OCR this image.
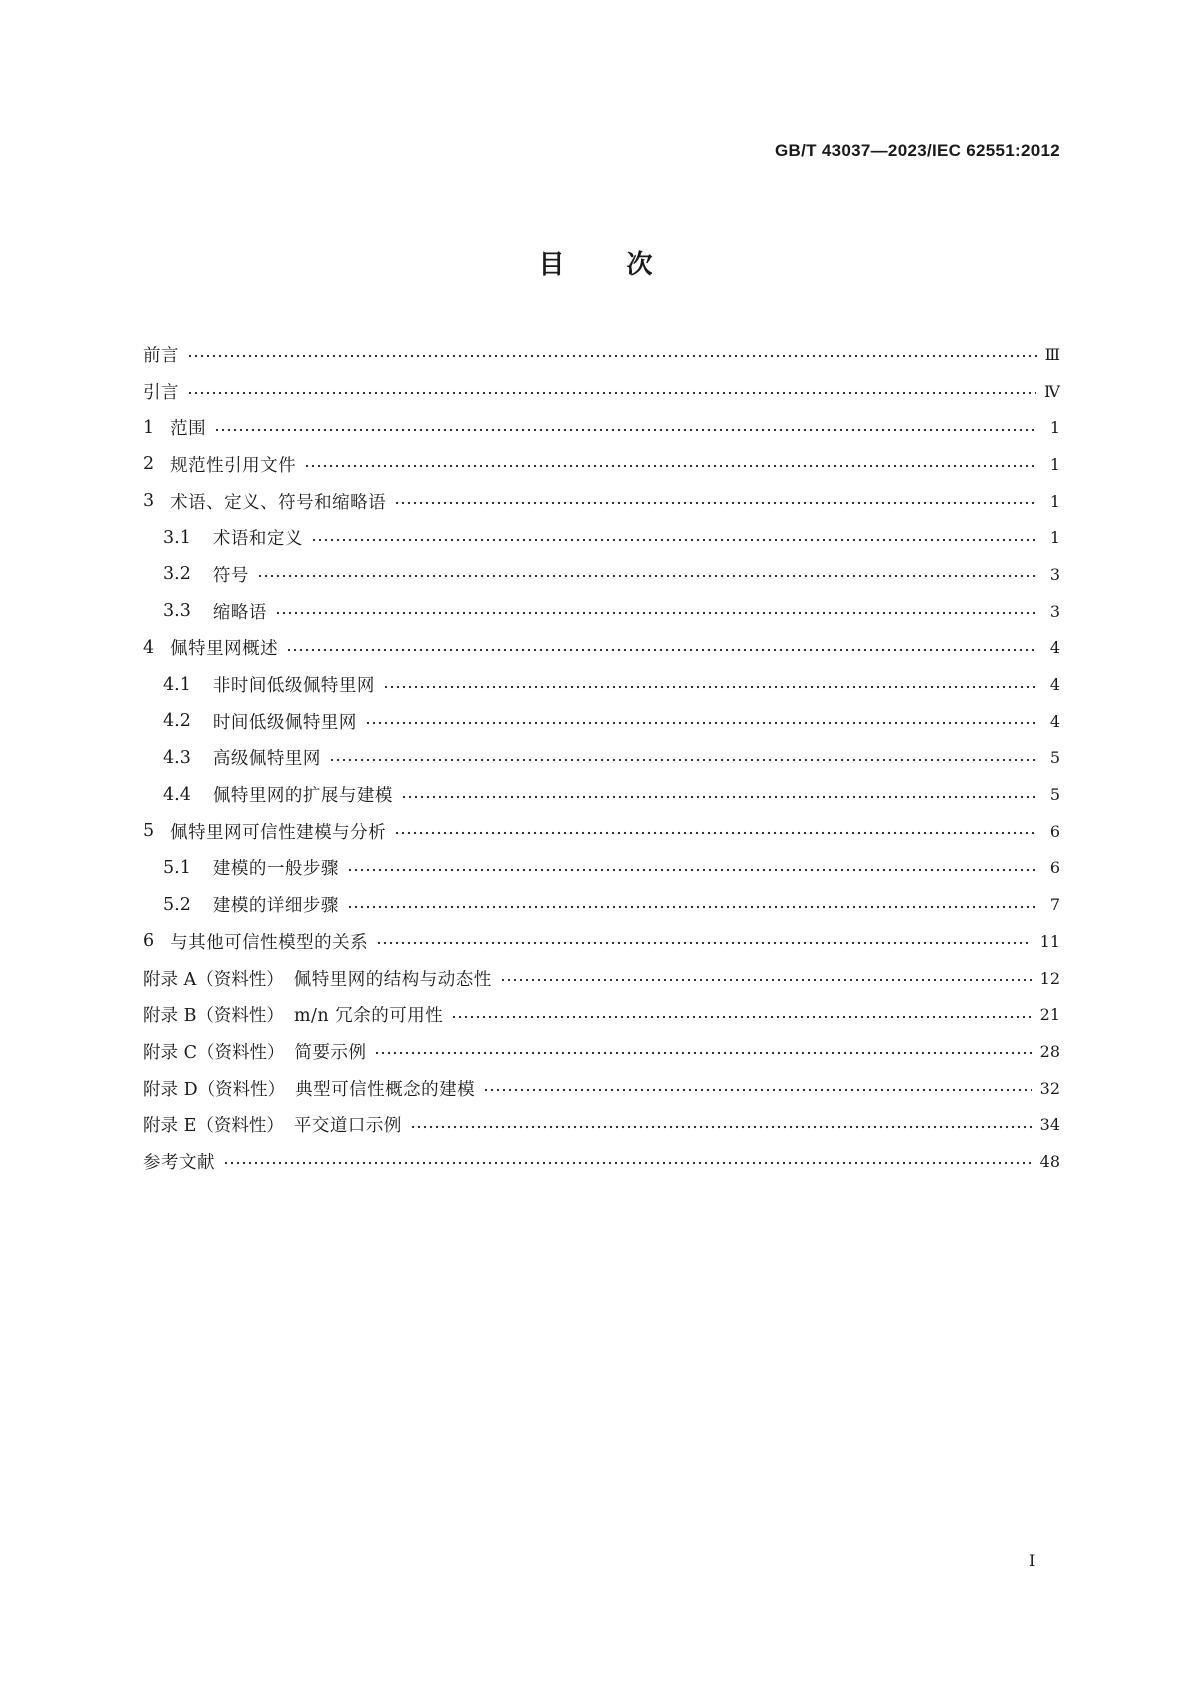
GB/T 43037—2023/IEC 62551:2012
目 次
前言	Ⅲ
引言	Ⅳ
1 范围	1
2 规范性引用文件	1
3 术语、定义、符号和缩略语	1
3.1 术语和定义	1
3.2 符号	3
3.3 缩略语	3
4 佩特里网概述	4
4.1 非时间低级佩特里网	4
4.2 时间低级佩特里网	4
4.3 高级佩特里网	5
4.4 佩特里网的扩展与建模	5
5 佩特里网可信性建模与分析	6
5.1 建模的一般步骤	6
5.2 建模的详细步骤	7
6 与其他可信性模型的关系	11
附录 A（资料性） 佩特里网的结构与动态性	12
附录 B（资料性） m/n 冗余的可用性	21
附录 C（资料性） 简要示例	28
附录 D（资料性） 典型可信性概念的建模	32
附录 E（资料性） 平交道口示例	34
参考文献	48
I
